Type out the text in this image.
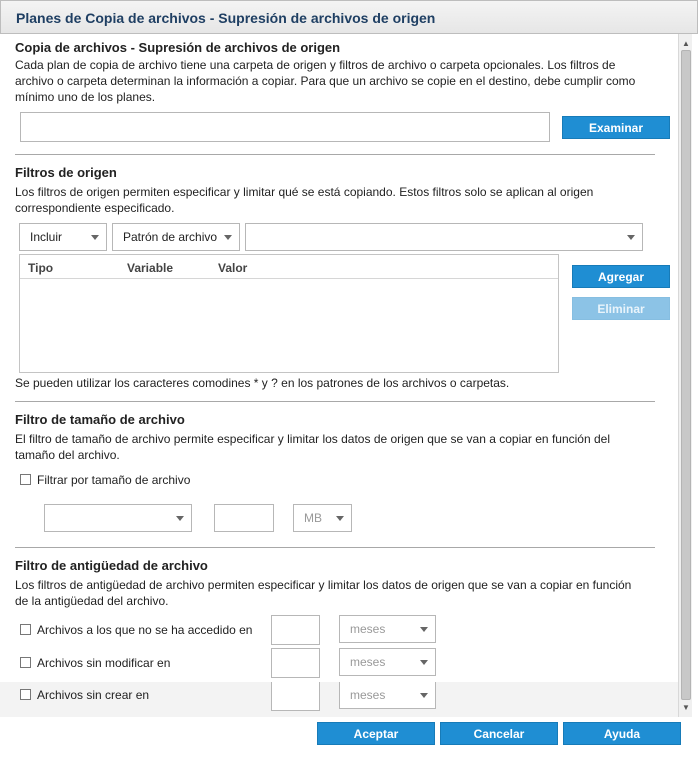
Planes de Copia de archivos - Supresión de archivos de origen
Copia de archivos - Supresión de archivos de origen
Cada plan de copia de archivo tiene una carpeta de origen y filtros de archivo o carpeta opcionales. Los filtros de
archivo o carpeta determinan la información a copiar. Para que un archivo se copie en el destino, debe cumplir como
mínimo uno de los planes.
Examinar
Filtros de origen
Los filtros de origen permiten especificar y limitar qué se está copiando. Estos filtros solo se aplican al origen
correspondiente especificado.
Incluir	Patrón de archivo
Tipo	Variable	Valor
Agregar
Eliminar
Se pueden utilizar los caracteres comodines * y ? en los patrones de los archivos o carpetas.
Filtro de tamaño de archivo
El filtro de tamaño de archivo permite especificar y limitar los datos de origen que se van a copiar en función del
tamaño del archivo.
Filtrar por tamaño de archivo
MB
Filtro de antigüedad de archivo
Los filtros de antigüedad de archivo permiten especificar y limitar los datos de origen que se van a copiar en función
de la antigüedad del archivo.
Archivos a los que no se ha accedido en	meses
Archivos sin modificar en	meses
Archivos sin crear en	meses
▲
▼
Aceptar	Cancelar	Ayuda
